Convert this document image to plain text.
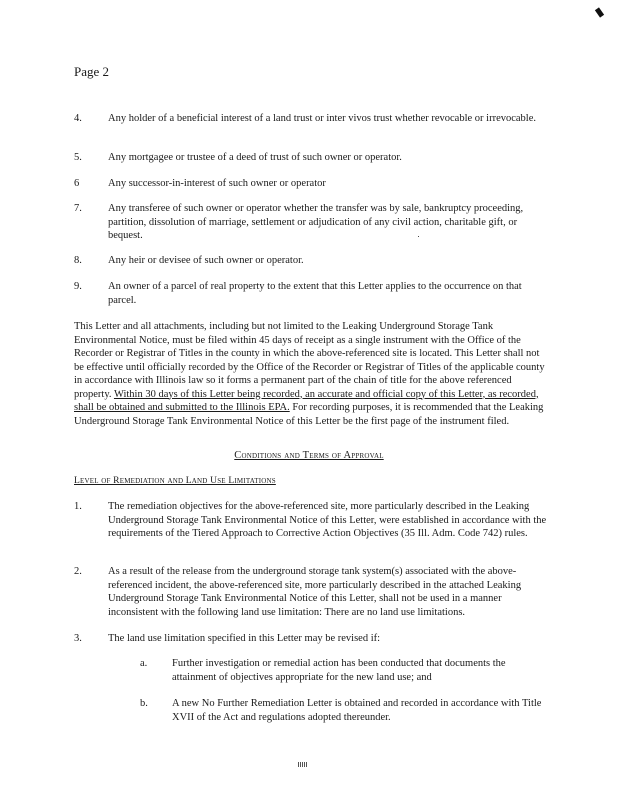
Page 2
4. Any holder of a beneficial interest of a land trust or inter vivos trust whether revocable or irrevocable.
5. Any mortgagee or trustee of a deed of trust of such owner or operator.
6	Any successor-in-interest of such owner or operator
7. Any transferee of such owner or operator whether the transfer was by sale, bankruptcy proceeding, partition, dissolution of marriage, settlement or adjudication of any civil action, charitable gift, or bequest.
8. Any heir or devisee of such owner or operator.
9. An owner of a parcel of real property to the extent that this Letter applies to the occurrence on that parcel.
This Letter and all attachments, including but not limited to the Leaking Underground Storage Tank Environmental Notice, must be filed within 45 days of receipt as a single instrument with the Office of the Recorder or Registrar of Titles in the county in which the above-referenced site is located. This Letter shall not be effective until officially recorded by the Office of the Recorder or Registrar of Titles of the applicable county in accordance with Illinois law so it forms a permanent part of the chain of title for the above referenced property. Within 30 days of this Letter being recorded, an accurate and official copy of this Letter, as recorded, shall be obtained and submitted to the Illinois EPA. For recording purposes, it is recommended that the Leaking Underground Storage Tank Environmental Notice of this Letter be the first page of the instrument filed.
Conditions and Terms of Approval
Level of Remediation and Land Use Limitations
1. The remediation objectives for the above-referenced site, more particularly described in the Leaking Underground Storage Tank Environmental Notice of this Letter, were established in accordance with the requirements of the Tiered Approach to Corrective Action Objectives (35 Ill. Adm. Code 742) rules.
2. As a result of the release from the underground storage tank system(s) associated with the above-referenced incident, the above-referenced site, more particularly described in the attached Leaking Underground Storage Tank Environmental Notice of this Letter, shall not be used in a manner inconsistent with the following land use limitation: There are no land use limitations.
3. The land use limitation specified in this Letter may be revised if:
a. Further investigation or remedial action has been conducted that documents the attainment of objectives appropriate for the new land use; and
b. A new No Further Remediation Letter is obtained and recorded in accordance with Title XVII of the Act and regulations adopted thereunder.
